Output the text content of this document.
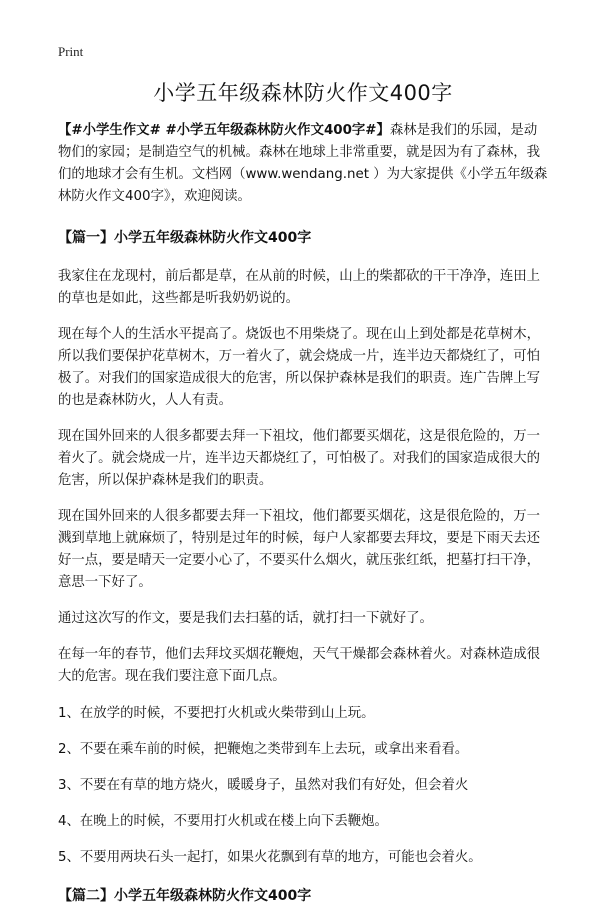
Print
小学五年级森林防火作文400字

【#小学生作文# #小学五年级森林防火作文400字#】森林是我们的乐园，是动物们的家园；是制造空气的机械。森林在地球上非常重要，就是因为有了森林，我们的地球才会有生机。文档网（www.wendang.net ）为大家提供《小学五年级森林防火作文400字》，欢迎阅读。

【篇一】小学五年级森林防火作文400字

我家住在龙现村，前后都是草，在从前的时候，山上的柴都砍的干干净净，连田上的草也是如此，这些都是听我奶奶说的。

现在每个人的生活水平提高了。烧饭也不用柴烧了。现在山上到处都是花草树木，所以我们要保护花草树木，万一着火了，就会烧成一片，连半边天都烧红了，可怕极了。对我们的国家造成很大的危害，所以保护森林是我们的职责。连广告牌上写的也是森林防火，人人有责。

现在国外回来的人很多都要去拜一下祖坟，他们都要买烟花，这是很危险的，万一着火了。就会烧成一片，连半边天都烧红了，可怕极了。对我们的国家造成很大的危害，所以保护森林是我们的职责。

现在国外回来的人很多都要去拜一下祖坟，他们都要买烟花，这是很危险的，万一溅到草地上就麻烦了，特别是过年的时候，每户人家都要去拜坟，要是下雨天去还好一点，要是晴天一定要小心了，不要买什么烟火，就压张红纸，把墓打扫干净，意思一下好了。

通过这次写的作文，要是我们去扫墓的话，就打扫一下就好了。

在每一年的春节，他们去拜坟买烟花鞭炮，天气干燥都会森林着火。对森林造成很大的危害。现在我们要注意下面几点。

1、在放学的时候，不要把打火机或火柴带到山上玩。

2、不要在乘车前的时候，把鞭炮之类带到车上去玩，或拿出来看看。

3、不要在有草的地方烧火，暖暖身子，虽然对我们有好处，但会着火

4、在晚上的时候，不要用打火机或在楼上向下丢鞭炮。

5、不要用两块石头一起打，如果火花飘到有草的地方，可能也会着火。

【篇二】小学五年级森林防火作文400字
